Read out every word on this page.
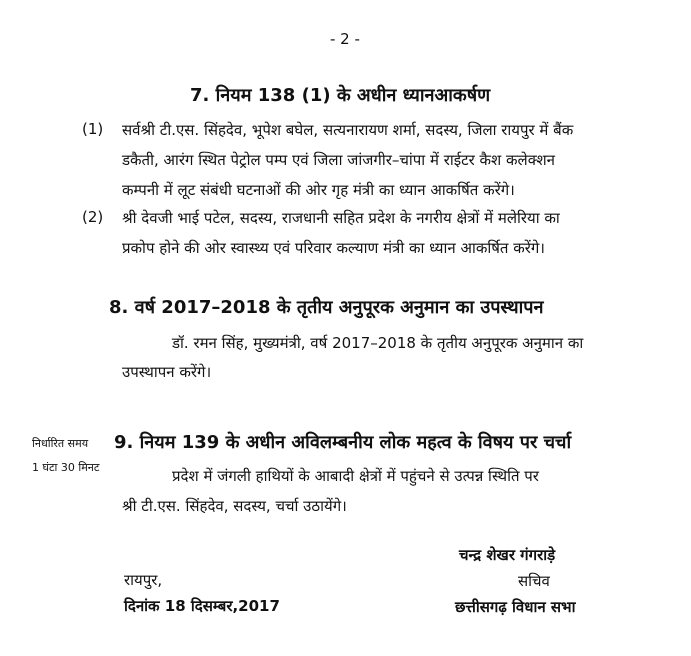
- 2 -
7. नियम 138 (1) के अधीन ध्यानआकर्षण
(1) सर्वश्री टी.एस. सिंहदेव, भूपेश बघेल, सत्यनारायण शर्मा, सदस्य, जिला रायपुर में बैंक
डकैती, आरंग स्थित पेट्रोल पम्प एवं जिला जांजगीर–चांपा में राईटर कैश कलेक्शन
कम्पनी में लूट संबंधी घटनाओं की ओर गृह मंत्री का ध्यान आकर्षित करेंगे।
(2) श्री देवजी भाई पटेल, सदस्य, राजधानी सहित प्रदेश के नगरीय क्षेत्रों में मलेरिया का
प्रकोप होने की ओर स्वास्थ्य एवं परिवार कल्याण मंत्री का ध्यान आकर्षित करेंगे।
8. वर्ष 2017–2018 के तृतीय अनुपूरक अनुमान का उपस्थापन
डॉ. रमन सिंह, मुख्यमंत्री, वर्ष 2017–2018 के तृतीय अनुपूरक अनुमान का
उपस्थापन करेंगे।
निर्धारित समय
1 घंटा 30 मिनट
9. नियम 139 के अधीन अविलम्बनीय लोक महत्व के विषय पर चर्चा
प्रदेश में जंगली हाथियों के आबादी क्षेत्रों में पहुंचने से उत्पन्न स्थिति पर
श्री टी.एस. सिंहदेव, सदस्य, चर्चा उठायेंगे।
रायपुर,
दिनांक 18 दिसम्बर,2017
चन्द्र शेखर गंगराड़े
सचिव
छत्तीसगढ़ विधान सभा
